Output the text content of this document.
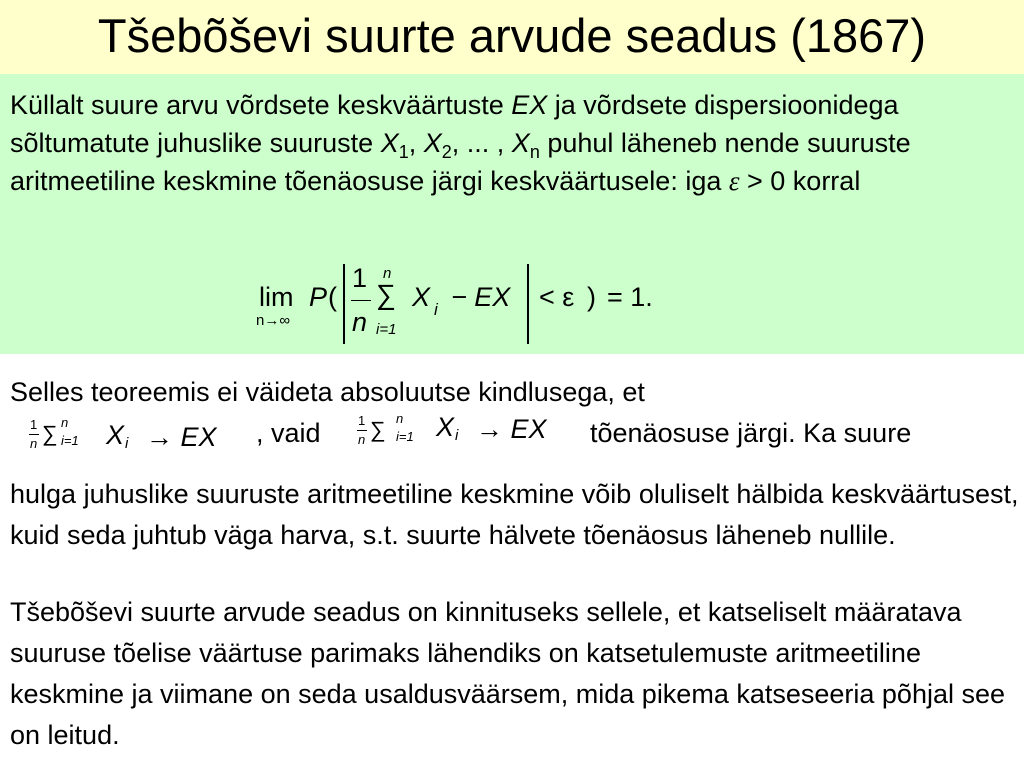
Tšebõševi suurte arvude seadus (1867)
Küllalt suure arvu võrdsete keskväärtuste EX ja võrdsete dispersioonidega sõltumatute juhuslike suuruste $X_1$, $X_2$, ... , $X_n$ puhul läheneb nende suuruste aritmeetiline keskmine tõenäosuse järgi keskväärtusele: iga ε > 0 korral
lim
n→∞
P (
1
n
n
∑
i=1
X i − EX < ε ) = 1.
Selles teoreemis ei väideta absoluutse kindlusega, et
1
n ∑ n
i=1 X i → EX , vaid	1
n ∑ n
i=1 X i → EX tõenäosuse järgi. Ka suure
hulga juhuslike suuruste aritmeetiline keskmine võib oluliselt hälbida keskväärtusest, kuid seda juhtub väga harva, s.t. suurte hälvete tõenäosus läheneb nullile.
Tšebõševi suurte arvude seadus on kinnituseks sellele, et katseliselt määratava suuruse tõelise väärtuse parimaks lähendiks on katsetulemuste aritmeetiline keskmine ja viimane on seda usaldusväärsem, mida pikema katseseeria põhjal see on leitud.
